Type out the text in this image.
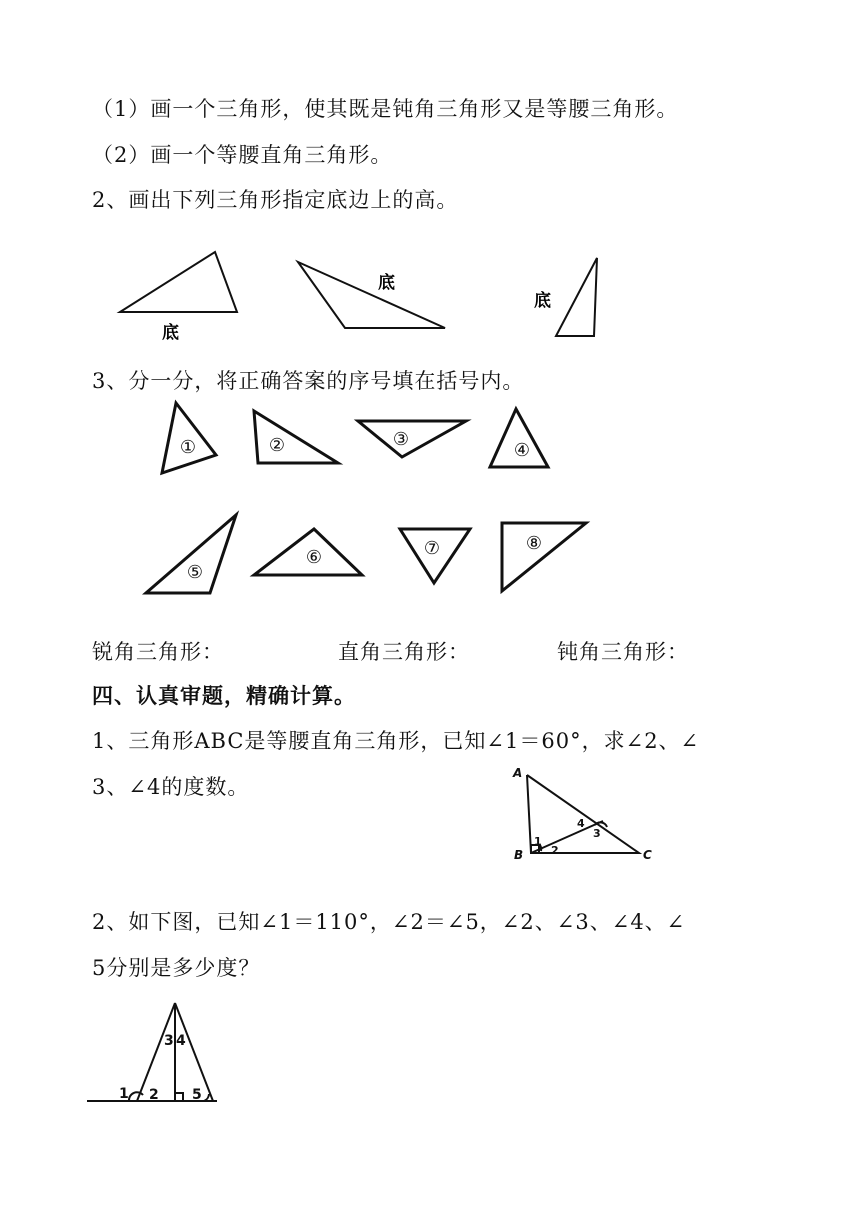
（1）画一个三角形，使其既是钝角三角形又是等腰三角形。
（2）画一个等腰直角三角形。
2、画出下列三角形指定底边上的高。
底
底
底
3、分一分，将正确答案的序号填在括号内。
①	②	③
④
⑤
⑥	⑦	⑧
锐角三角形：	直角三角形：	钝角三角形：
四、认真审题，精确计算。
1、三角形ABC是等腰直角三角形，已知∠1＝60°，求∠2、∠
3、∠4的度数。
A
B	C
1
2
3
4
2、如下图，已知∠1＝110°，∠2＝∠5，∠2、∠3、∠4、∠
5分别是多少度？
1 2
3 4
5
